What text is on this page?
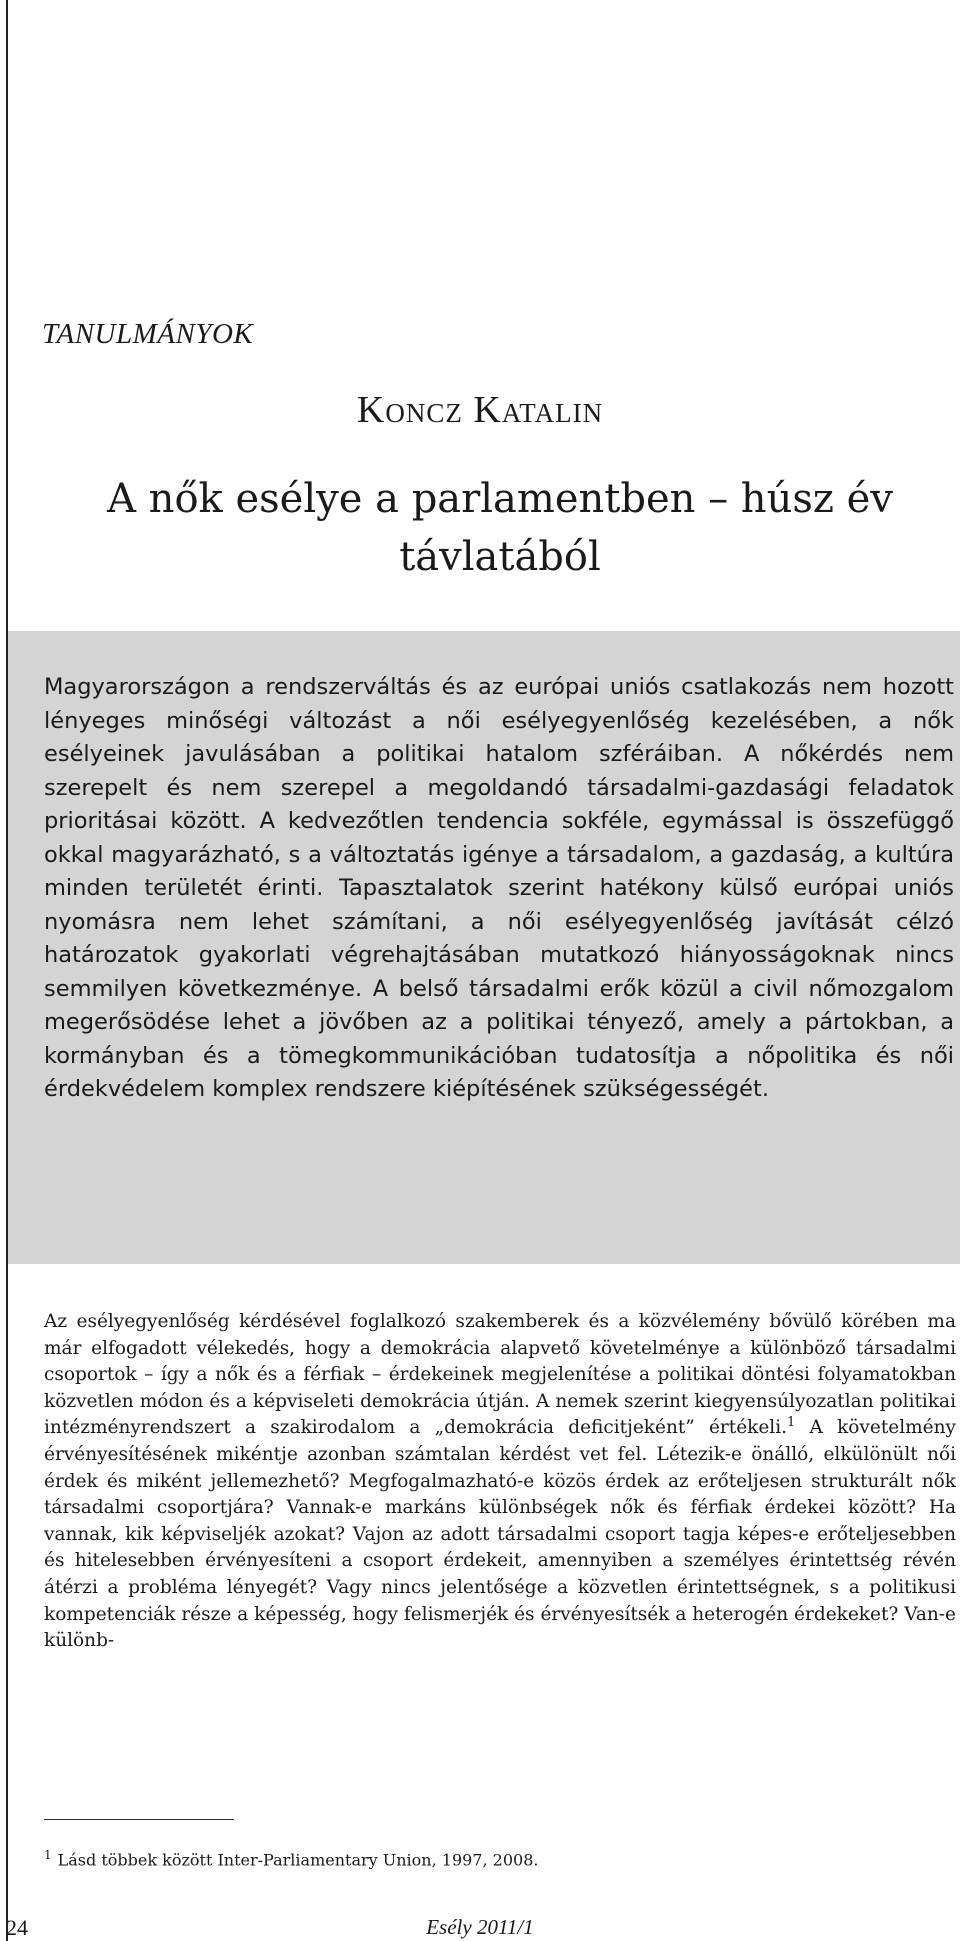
TANULMÁNYOK
Koncz Katalin
A nők esélye a parlamentben – húsz év távlatából
Magyarországon a rendszerváltás és az európai uniós csatlakozás nem hozott lényeges minőségi változást a női esélyegyenlőség kezelésében, a nők esélyeinek javulásában a politikai hatalom szféráiban. A nőkérdés nem szerepelt és nem szerepel a megoldandó társadalmi-gazdasági feladatok prioritásai között. A kedvezőtlen tendencia sokféle, egymással is összefüggő okkal magyarázható, s a változtatás igénye a társadalom, a gazdaság, a kultúra minden területét érinti. Tapasztalatok szerint hatékony külső európai uniós nyomásra nem lehet számítani, a női esélyegyenlőség javítását célzó határozatok gyakorlati végrehajtásában mutatkozó hiányosságoknak nincs semmilyen következménye. A belső társadalmi erők közül a civil nőmozgalom megerősödése lehet a jövőben az a politikai tényező, amely a pártokban, a kormányban és a tömegkommunikációban tudatosítja a nőpolitika és női érdekvédelem komplex rendszere kiépítésének szükségességét.
Az esélyegyenlőség kérdésével foglalkozó szakemberek és a közvélemény bővülő körében ma már elfogadott vélekedés, hogy a demokrácia alapvető követelménye a különböző társadalmi csoportok – így a nők és a férfiak – érdekeinek megjelenítése a politikai döntési folyamatokban közvetlen módon és a képviseleti demokrácia útján. A nemek szerint kiegyensúlyozatlan politikai intézményrendszert a szakirodalom a „demokrácia deficitjeként” értékeli.$^1$ A követelmény érvényesítésének mikéntje azonban számtalan kérdést vet fel. Létezik-e önálló, elkülönült női érdek és miként jellemezhető? Megfogalmazható-e közös érdek az erőteljesen strukturált nők társadalmi csoportjára? Vannak-e markáns különbségek nők és férfiak érdekei között? Ha vannak, kik képviseljék azokat? Vajon az adott társadalmi csoport tagja képes-e erőteljesebben és hitelesebben érvényesíteni a csoport érdekeit, amennyiben a személyes érintettség révén átérzi a probléma lényegét? Vagy nincs jelentősége a közvetlen érintettségnek, s a politikusi kompetenciák része a képesség, hogy felismerjék és érvényesítsék a heterogén érdekeket? Van-e különb-
$^1$ Lásd többek között Inter-Parliamentary Union, 1997, 2008.
24	Esély 2011/1
